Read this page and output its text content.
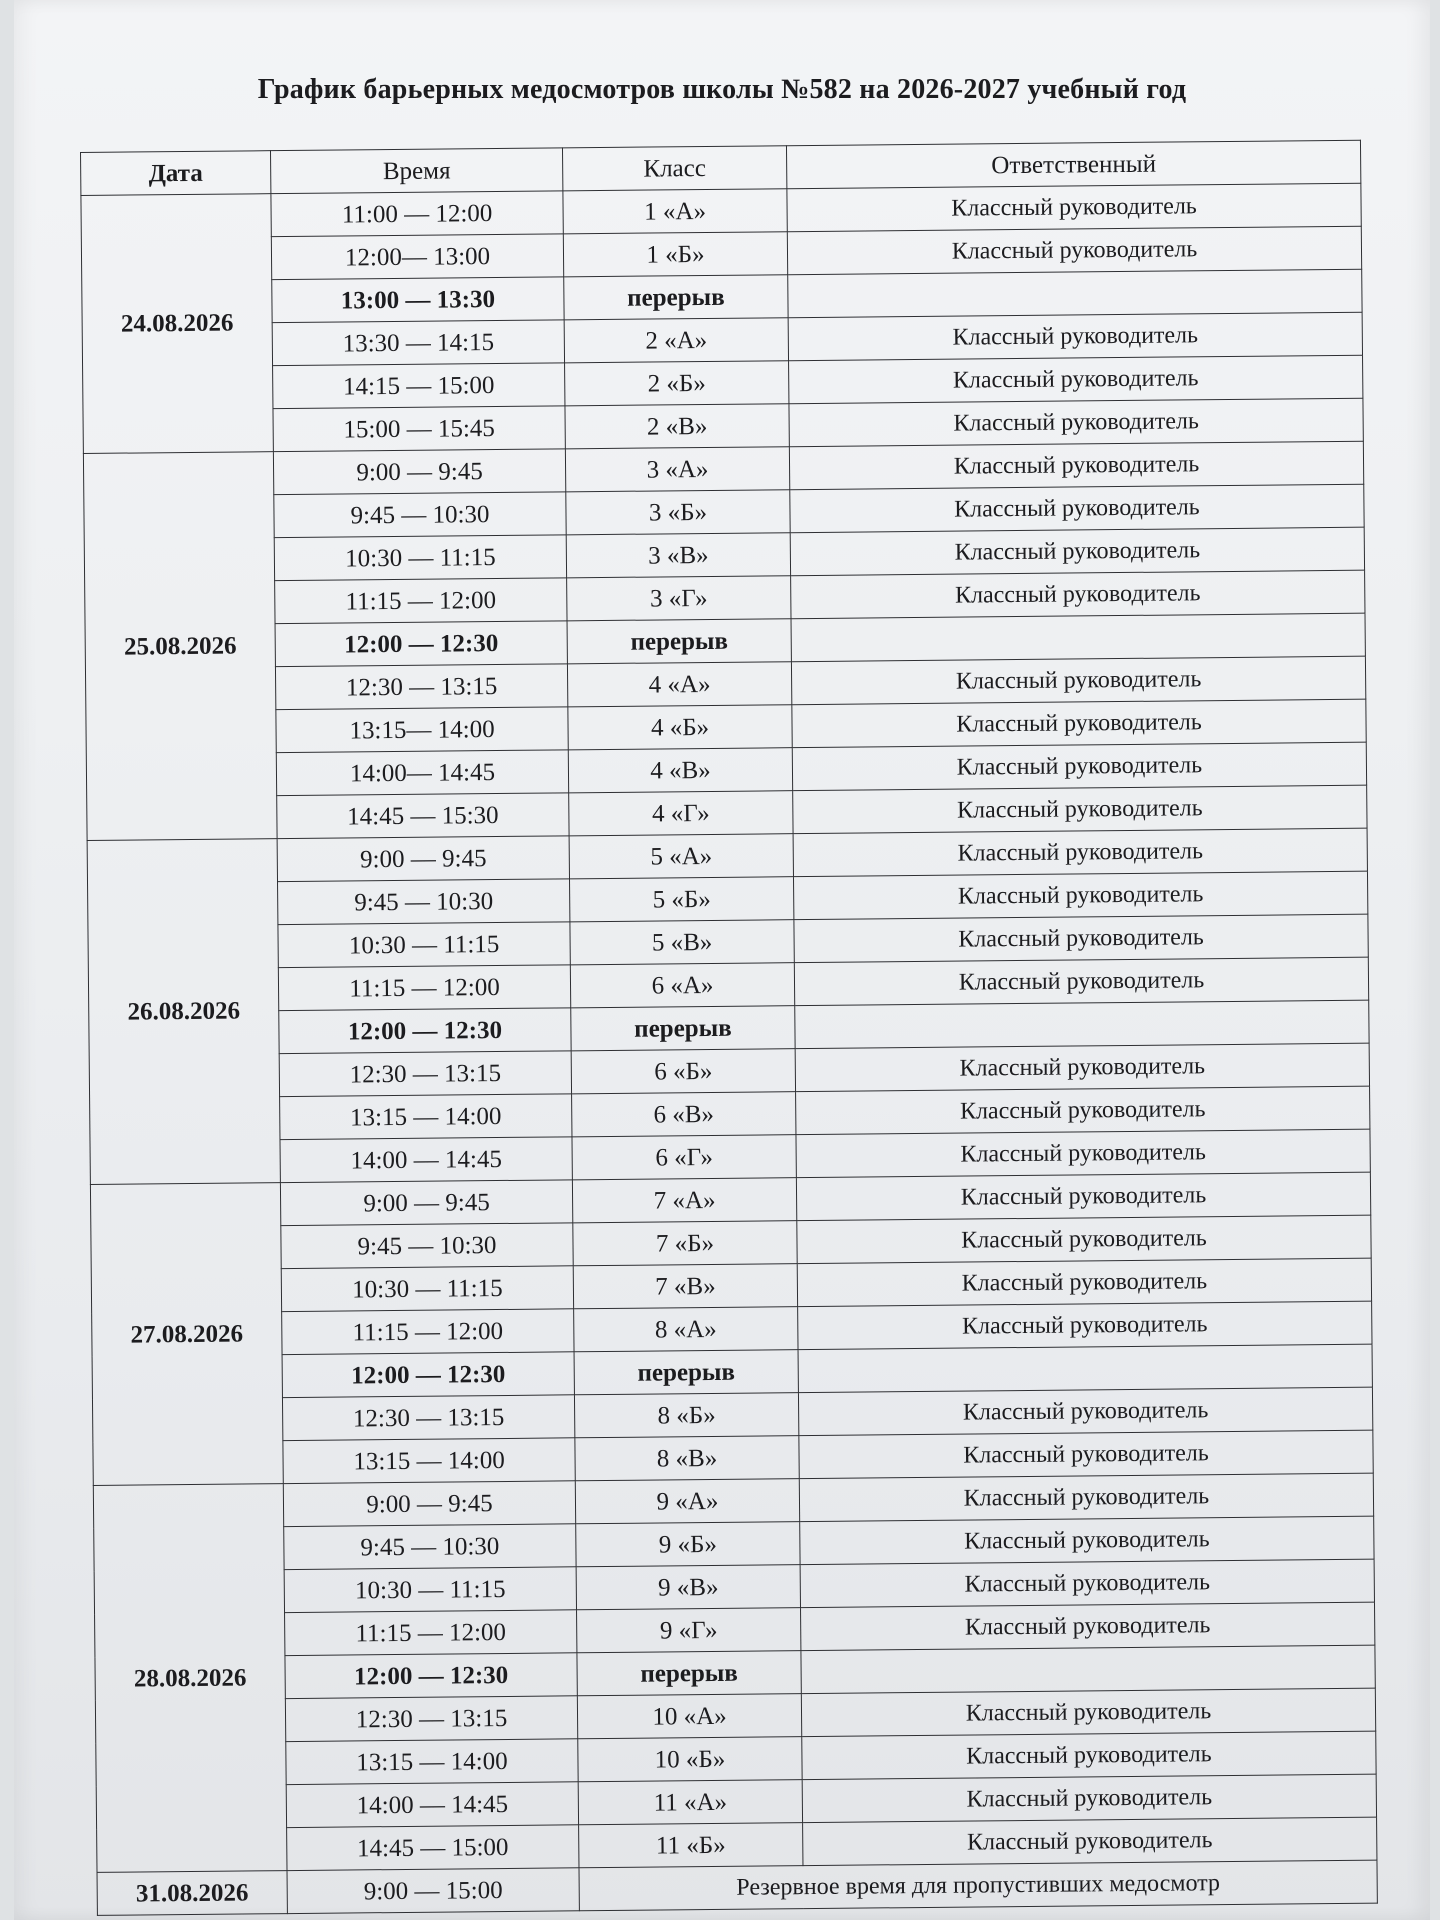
График барьерных медосмотров школы №582 на 2026-2027 учебный год
Дата	Время	Класс	Ответственный
24.08.2026	11:00 — 12:00	1 «А»	Классный руководитель
	12:00— 13:00	1 «Б»	Классный руководитель
	13:00 — 13:30	перерыв	
	13:30 — 14:15	2 «А»	Классный руководитель
	14:15 — 15:00	2 «Б»	Классный руководитель
	15:00 — 15:45	2 «В»	Классный руководитель
25.08.2026	9:00 — 9:45	3 «А»	Классный руководитель
	9:45 — 10:30	3 «Б»	Классный руководитель
	10:30 — 11:15	3 «В»	Классный руководитель
	11:15 — 12:00	3 «Г»	Классный руководитель
	12:00 — 12:30	перерыв	
	12:30 — 13:15	4 «А»	Классный руководитель
	13:15— 14:00	4 «Б»	Классный руководитель
	14:00— 14:45	4 «В»	Классный руководитель
	14:45 — 15:30	4 «Г»	Классный руководитель
26.08.2026	9:00 — 9:45	5 «А»	Классный руководитель
	9:45 — 10:30	5 «Б»	Классный руководитель
	10:30 — 11:15	5 «В»	Классный руководитель
	11:15 — 12:00	6 «А»	Классный руководитель
	12:00 — 12:30	перерыв	
	12:30 — 13:15	6 «Б»	Классный руководитель
	13:15 — 14:00	6 «В»	Классный руководитель
	14:00 — 14:45	6 «Г»	Классный руководитель
27.08.2026	9:00 — 9:45	7 «А»	Классный руководитель
	9:45 — 10:30	7 «Б»	Классный руководитель
	10:30 — 11:15	7 «В»	Классный руководитель
	11:15 — 12:00	8 «А»	Классный руководитель
	12:00 — 12:30	перерыв	
	12:30 — 13:15	8 «Б»	Классный руководитель
	13:15 — 14:00	8 «В»	Классный руководитель
28.08.2026	9:00 — 9:45	9 «А»	Классный руководитель
	9:45 — 10:30	9 «Б»	Классный руководитель
	10:30 — 11:15	9 «В»	Классный руководитель
	11:15 — 12:00	9 «Г»	Классный руководитель
	12:00 — 12:30	перерыв	
	12:30 — 13:15	10 «А»	Классный руководитель
	13:15 — 14:00	10 «Б»	Классный руководитель
	14:00 — 14:45	11 «А»	Классный руководитель
	14:45 — 15:00	11 «Б»	Классный руководитель
31.08.2026	9:00 — 15:00	Резервное время для пропустивших медосмотр	
